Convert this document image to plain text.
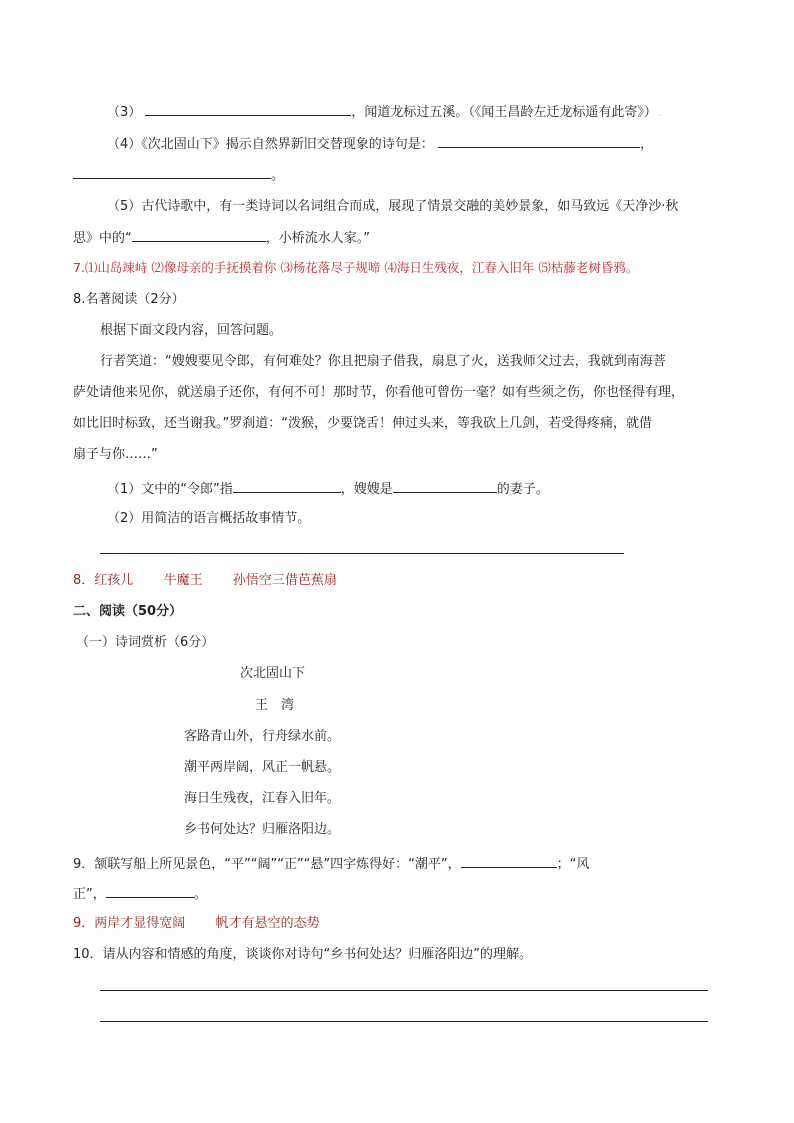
（3）	，闻道龙标过五溪。（《闻王昌龄左迁龙标遥有此寄》） .
（4）《次北固山下》揭示自然界新旧交替现象的诗句是：	，
。
（5）古代诗歌中，有一类诗词以名词组合而成，展现了情景交融的美妙景象，如马致远《天净沙·秋
思》中的“	，小桥流水人家。”
7.⑴山岛竦峙 ⑵像母亲的手抚摸着你 ⑶杨花落尽子规啼 ⑷海日生残夜，江春入旧年 ⑸枯藤老树昏鸦。
8.名著阅读（2分）
根据下面文段内容，回答问题。
行者笑道：“嫂嫂要见令郎，有何难处？你且把扇子借我，扇息了火，送我师父过去，我就到南海菩
萨处请他来见你，就送扇子还你，有何不可！那时节，你看他可曾伤一毫？如有些须之伤，你也怪得有理，
如比旧时标致，还当谢我。”罗刹道：“泼猴，少要饶舌！伸过头来，等我砍上几剑，若受得疼痛，就借
扇子与你……”
（1）文中的“令郎”指	，嫂嫂是	的妻子。
（2）用简洁的语言概括故事情节。
8．红孩儿 牛魔王 孙悟空三借芭蕉扇
二、阅读（50分）
（一）诗词赏析（6分）
次北固山下
王　湾
客路青山外，行舟绿水前。
潮平两岸阔，风正一帆悬。
海日生残夜，江春入旧年。
乡书何处达？归雁洛阳边。
9．颔联写船上所见景色，“平”“阔”“正”“悬”四字炼得好：“潮平”，	；“风
正”，	。
9．两岸才显得宽阔 帆才有悬空的态势
10．请从内容和情感的角度，谈谈你对诗句“乡书何处达？归雁洛阳边”的理解。
